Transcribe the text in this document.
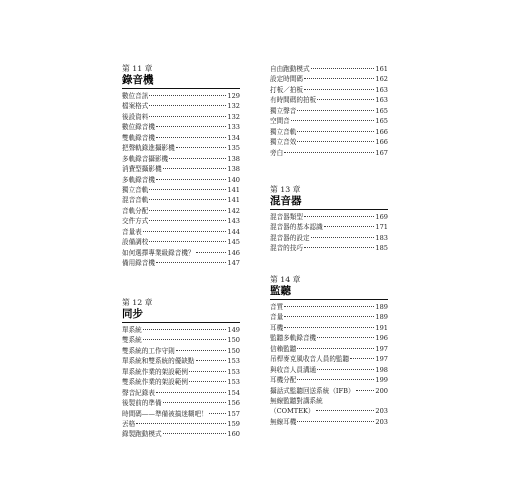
第 11 章
錄音機
數位音訊	129
檔案格式	132
後設資料	132
數位錄音機	133
雙軌錄音機	134
把聲軌錄進攝影機	135
多軌錄音攝影機	138
消費型攝影機	138
多軌錄音機	140
獨立音軌	141
混音音軌	141
音軌分配	142
交件方式	143
音量表	144
設備調校	145
如何選擇專業級錄音機？	146
備用錄音機	147
第 12 章
同步
單系統	149
雙系統	150
雙系統的工作守則	150
單系統和雙系統的優缺點	153
單系統作業的架設範例	153
雙系統作業的架設範例	153
聲音紀錄表	154
後製前的準備	156
時間碼——準備被搞迷糊吧！	157
丟格	159
錄製跑動模式	160
自由跑動模式	161
設定時間碼	162
打板／拍板	163
有時間碼的拍板	163
獨立聲音	165
空間音	165
獨立音軌	166
獨立音效	166
旁白	167
第 13 章
混音器
混音器類型	169
混音器的基本認識	171
混音器的設定	183
混音的技巧	185
第 14 章
監聽
音質	189
音量	189
耳機	191
監聽多軌錄音機	196
信賴監聽	197
吊桿麥克風收音人員的監聽	197
與收音人員溝通	198
耳機分配	199
攝話式監聽回送系統（IFB）	200
無線監聽對講系統
（COMTEK）	203
無線耳機	203
